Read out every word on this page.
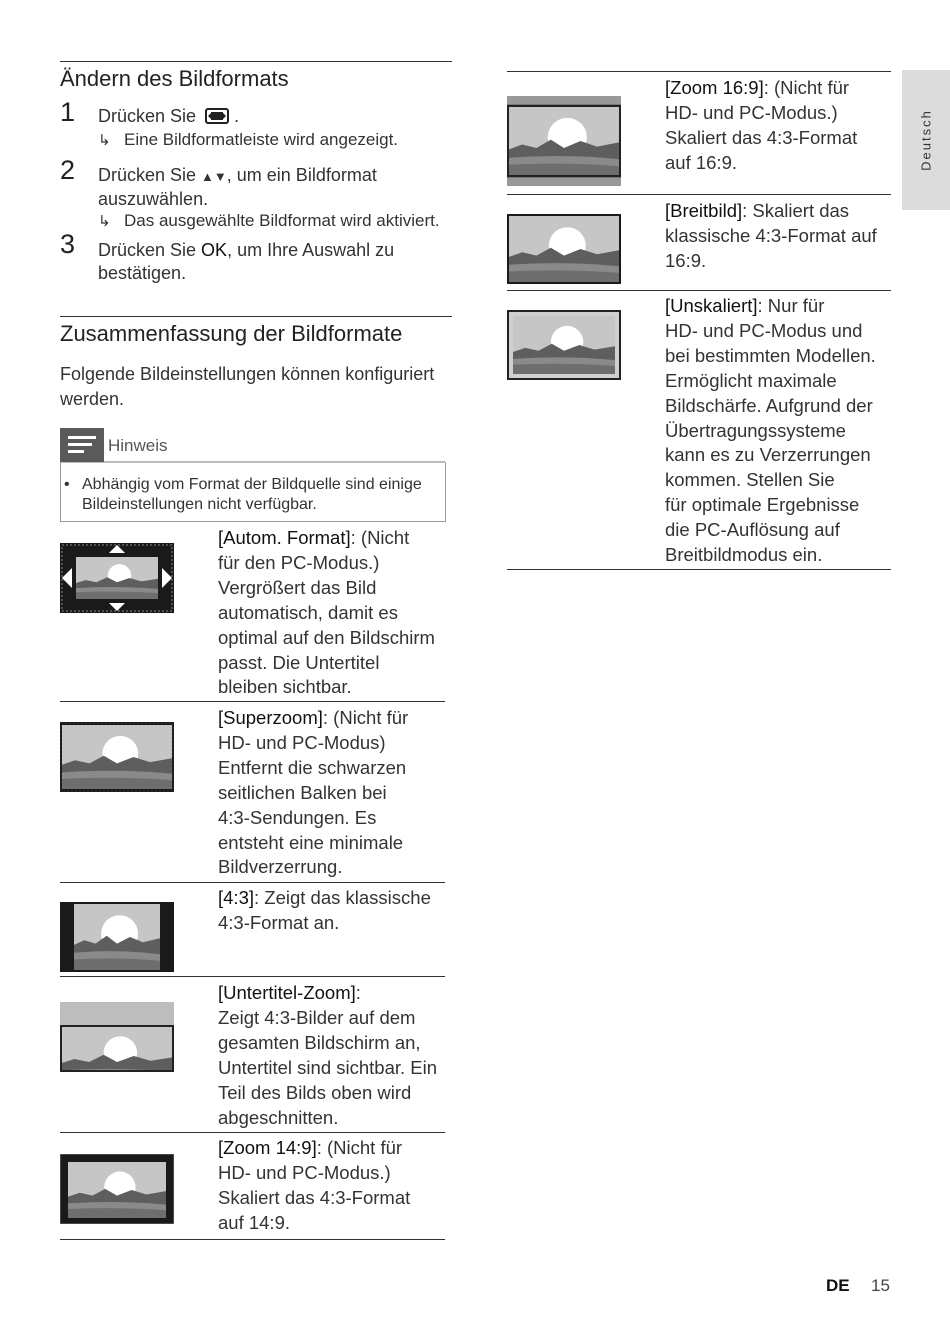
Deutsch
Ändern des Bildformats
1 Drücken Sie .
↳ Eine Bildformatleiste wird angezeigt.
2 Drücken Sie ▲▼, um ein Bildformat
auszuwählen.
↳ Das ausgewählte Bildformat wird aktiviert.
3 Drücken Sie OK, um Ihre Auswahl zu
bestätigen.
Zusammenfassung der Bildformate
Folgende Bildeinstellungen können konfiguriert
werden.
Hinweis
• Abhängig vom Format der Bildquelle sind einige
Bildeinstellungen nicht verfügbar.
[Autom. Format]: (Nicht
für den PC-Modus.)
Vergrößert das Bild
automatisch, damit es
optimal auf den Bildschirm
passt. Die Untertitel
bleiben sichtbar.
[Superzoom]: (Nicht für
HD- und PC-Modus)
Entfernt die schwarzen
seitlichen Balken bei
4:3-Sendungen. Es
entsteht eine minimale
Bildverzerrung.
[4:3]: Zeigt das klassische
4:3-Format an.
[Untertitel-Zoom]:
Zeigt 4:3-Bilder auf dem
gesamten Bildschirm an,
Untertitel sind sichtbar. Ein
Teil des Bilds oben wird
abgeschnitten.
[Zoom 14:9]: (Nicht für
HD- und PC-Modus.)
Skaliert das 4:3-Format
auf 14:9.
[Zoom 16:9]: (Nicht für
HD- und PC-Modus.)
Skaliert das 4:3-Format
auf 16:9.
[Breitbild]: Skaliert das
klassische 4:3-Format auf
16:9.
[Unskaliert]: Nur für
HD- und PC-Modus und
bei bestimmten Modellen.
Ermöglicht maximale
Bildschärfe. Aufgrund der
Übertragungssysteme
kann es zu Verzerrungen
kommen. Stellen Sie
für optimale Ergebnisse
die PC-Auflösung auf
Breitbildmodus ein.
DE 15
